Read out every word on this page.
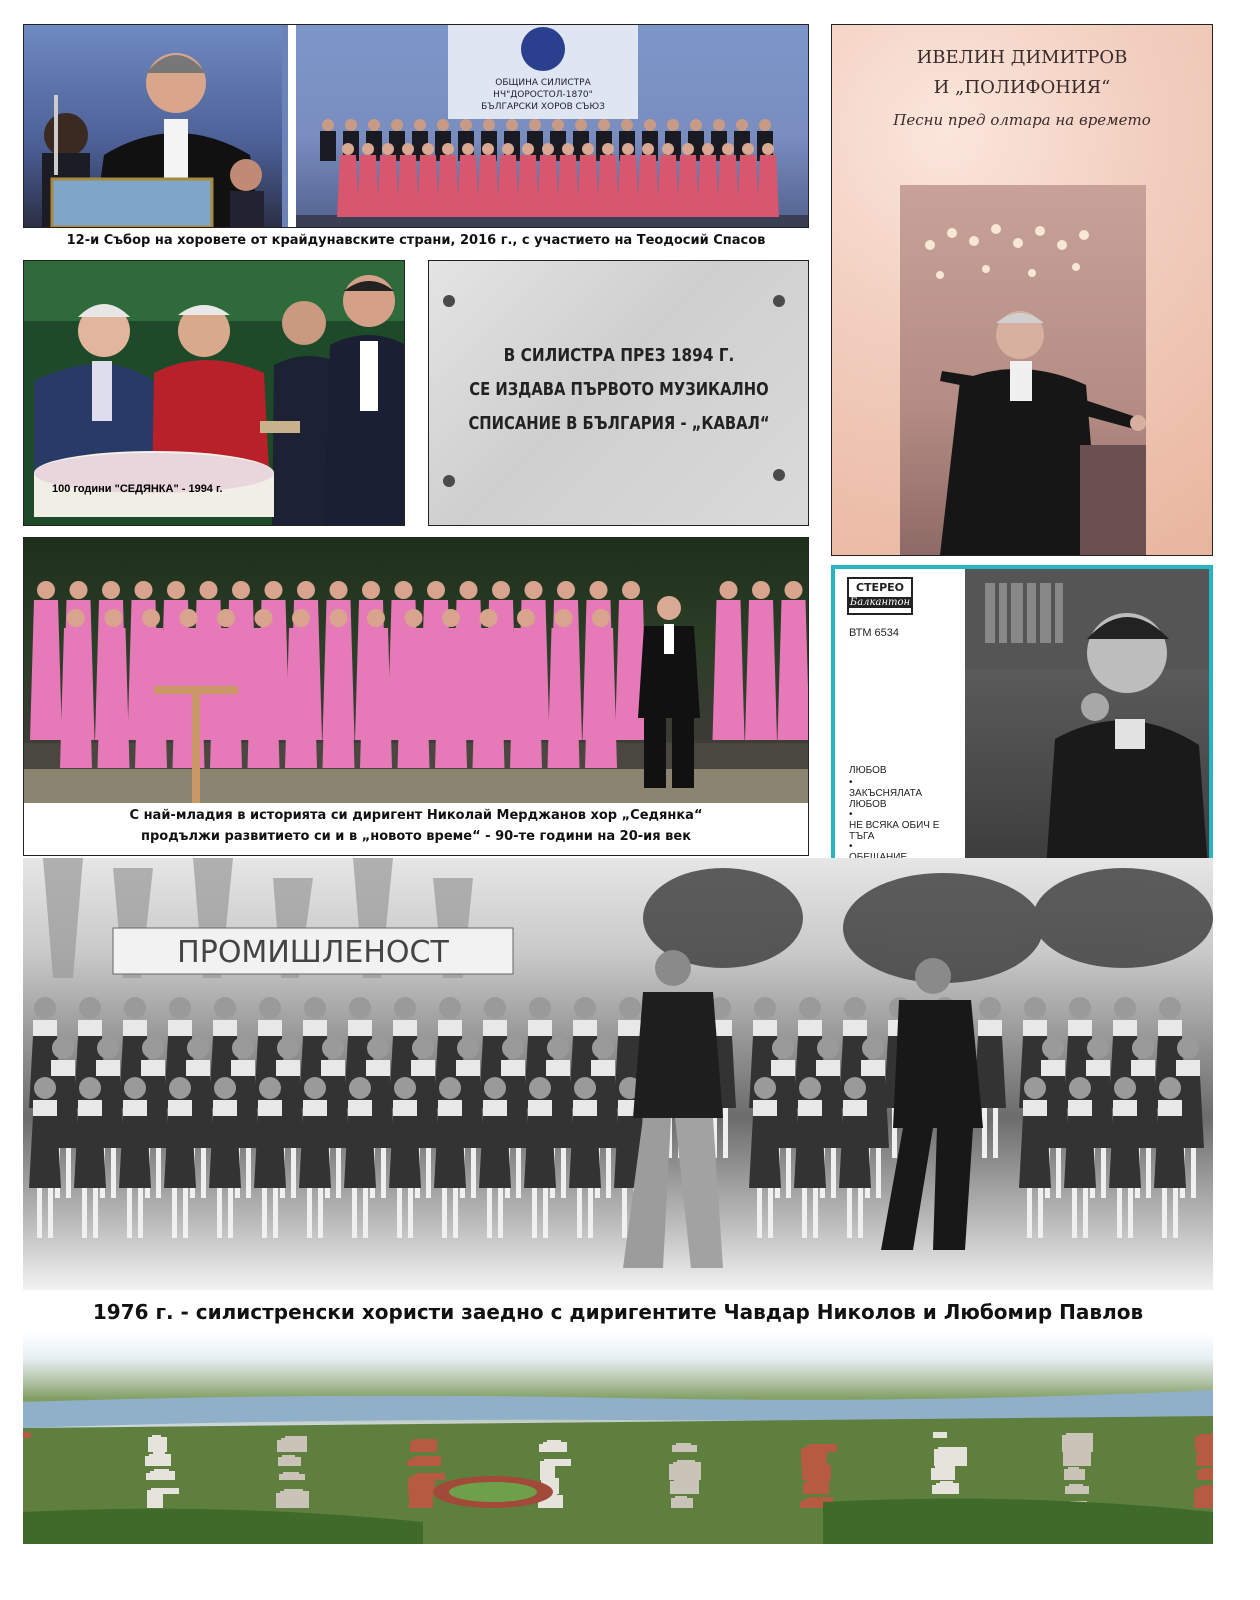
ОБЩИНА СИЛИСТРА
НЧ"ДОРОСТОЛ-1870"
БЪЛГАРСКИ ХОРОВ СЪЮЗ
12-и Събор на хоровете от крайдунавските страни, 2016 г., с участието на Теодосий Спасов
100 години "СЕДЯНКА" - 1994 г.
В СИЛИСТРА ПРЕЗ 1894 Г.
СЕ ИЗДАВА ПЪРВОТО МУЗИКАЛНО
СПИСАНИЕ В БЪЛГАРИЯ - „КАВАЛ“
ИВЕЛИН ДИМИТРОВ
И „ПОЛИФОНИЯ“
Песни пред олтара на времето
С най-младия в историята си диригент Николай Мерджанов хор „Седянка“
продължи развитието си и в „новото време“ - 90-те години на 20-ия век
СТЕРЕО
Балкантон
ВТМ 6534
ЛЮБОВ
•
ЗАКЪСНЯЛАТА ЛЮБОВ
•
НЕ ВСЯКА ОБИЧ Е ТЪГА
•
ПРОМИШЛЕНОСТ
1976 г. - силистренски хористи заедно с диригентите Чавдар Николов и Любомир Павлов
